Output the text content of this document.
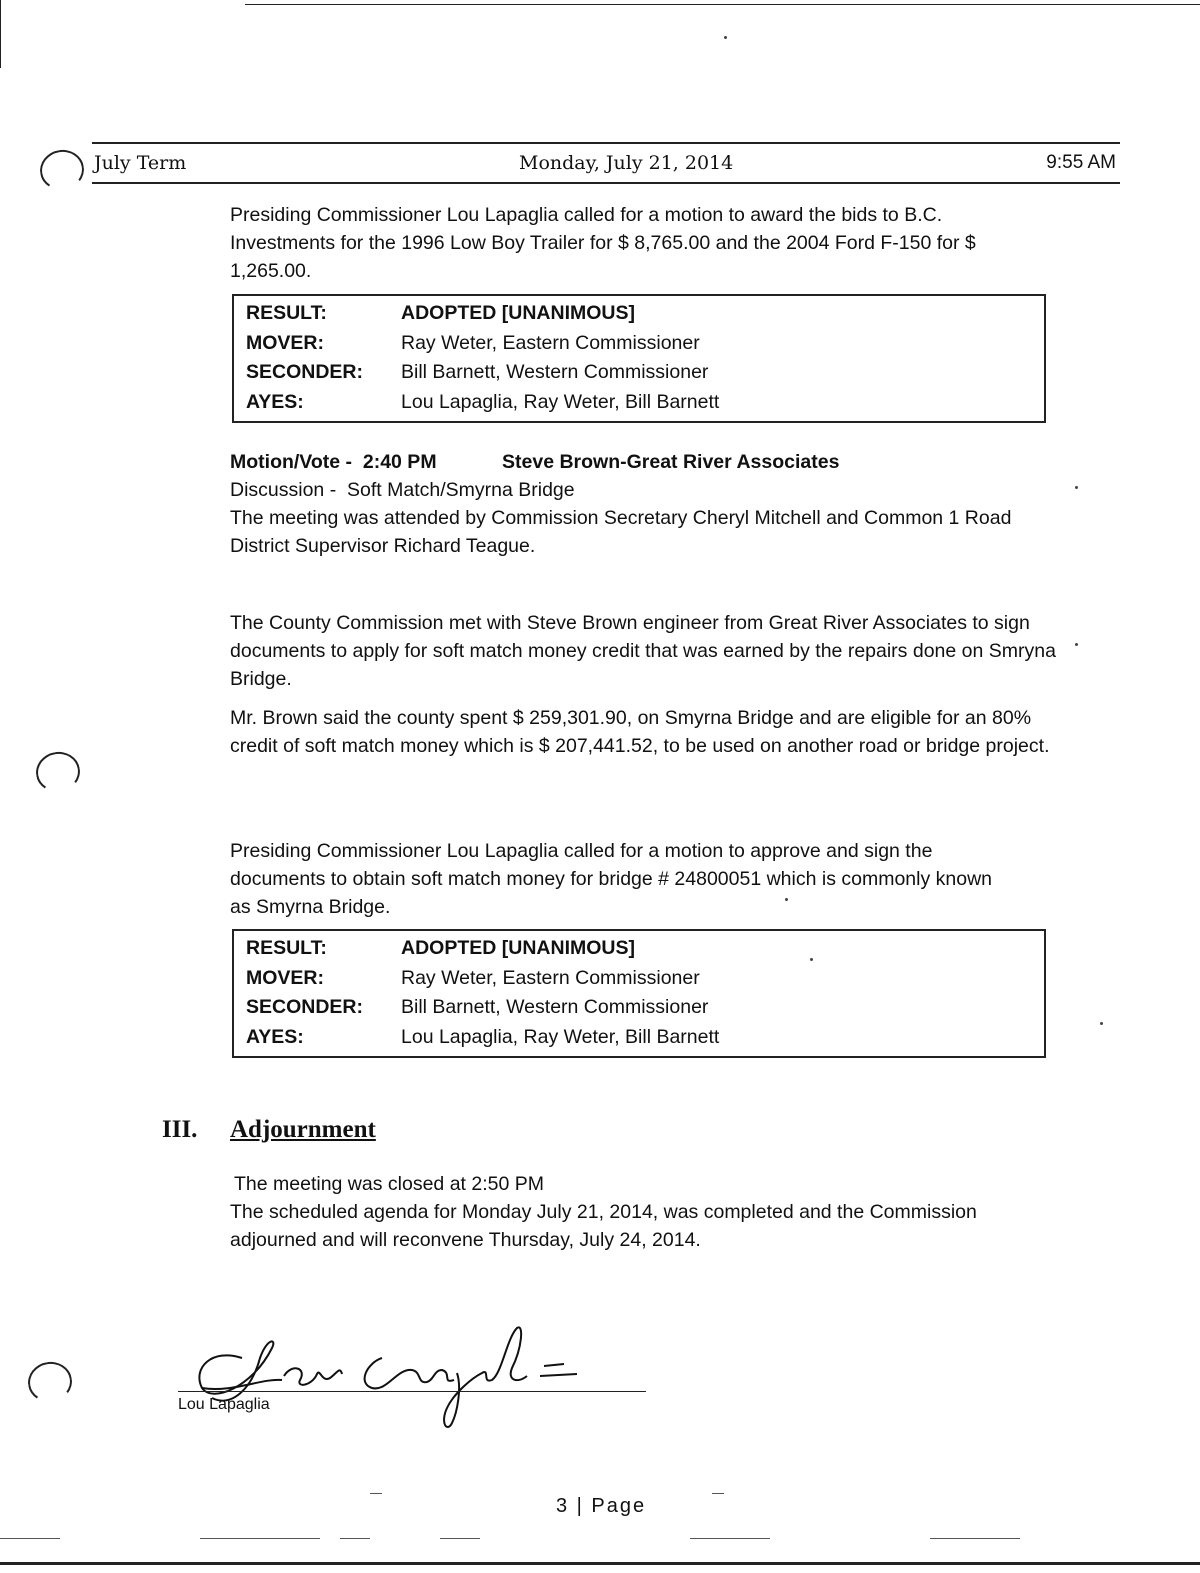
July Term	Monday, July 21, 2014	9:55 AM
Presiding Commissioner Lou Lapaglia called for a motion to award the bids to B.C. Investments for the 1996 Low Boy Trailer for $ 8,765.00 and the 2004 Ford F-150 for $ 1,265.00.
RESULT:	ADOPTED [UNANIMOUS]
MOVER:	Ray Weter, Eastern Commissioner
SECONDER:	Bill Barnett, Western Commissioner
AYES:	Lou Lapaglia, Ray Weter, Bill Barnett
Motion/Vote -  2:40 PM	Steve Brown-Great River Associates
Discussion -  Soft Match/Smyrna Bridge
The meeting was attended by Commission Secretary Cheryl Mitchell and Common 1 Road District Supervisor Richard Teague.
The County Commission met with Steve Brown engineer from Great River Associates to sign documents to apply for soft match money credit that was earned by the repairs done on Smryna Bridge.
Mr. Brown said the county spent $ 259,301.90, on Smyrna Bridge and are eligible for an 80% credit of soft match money which is $ 207,441.52, to be used on another road or bridge project.
Presiding Commissioner Lou Lapaglia called for a motion to approve and sign the documents to obtain soft match money for bridge # 24800051 which is commonly known as Smyrna Bridge.
RESULT:	ADOPTED [UNANIMOUS]
MOVER:	Ray Weter, Eastern Commissioner
SECONDER:	Bill Barnett, Western Commissioner
AYES:	Lou Lapaglia, Ray Weter, Bill Barnett
III. Adjournment
The meeting was closed at 2:50 PM
The scheduled agenda for Monday July 21, 2014, was completed and the Commission adjourned and will reconvene Thursday, July 24, 2014.
Lou Lapaglia
3 | Page
